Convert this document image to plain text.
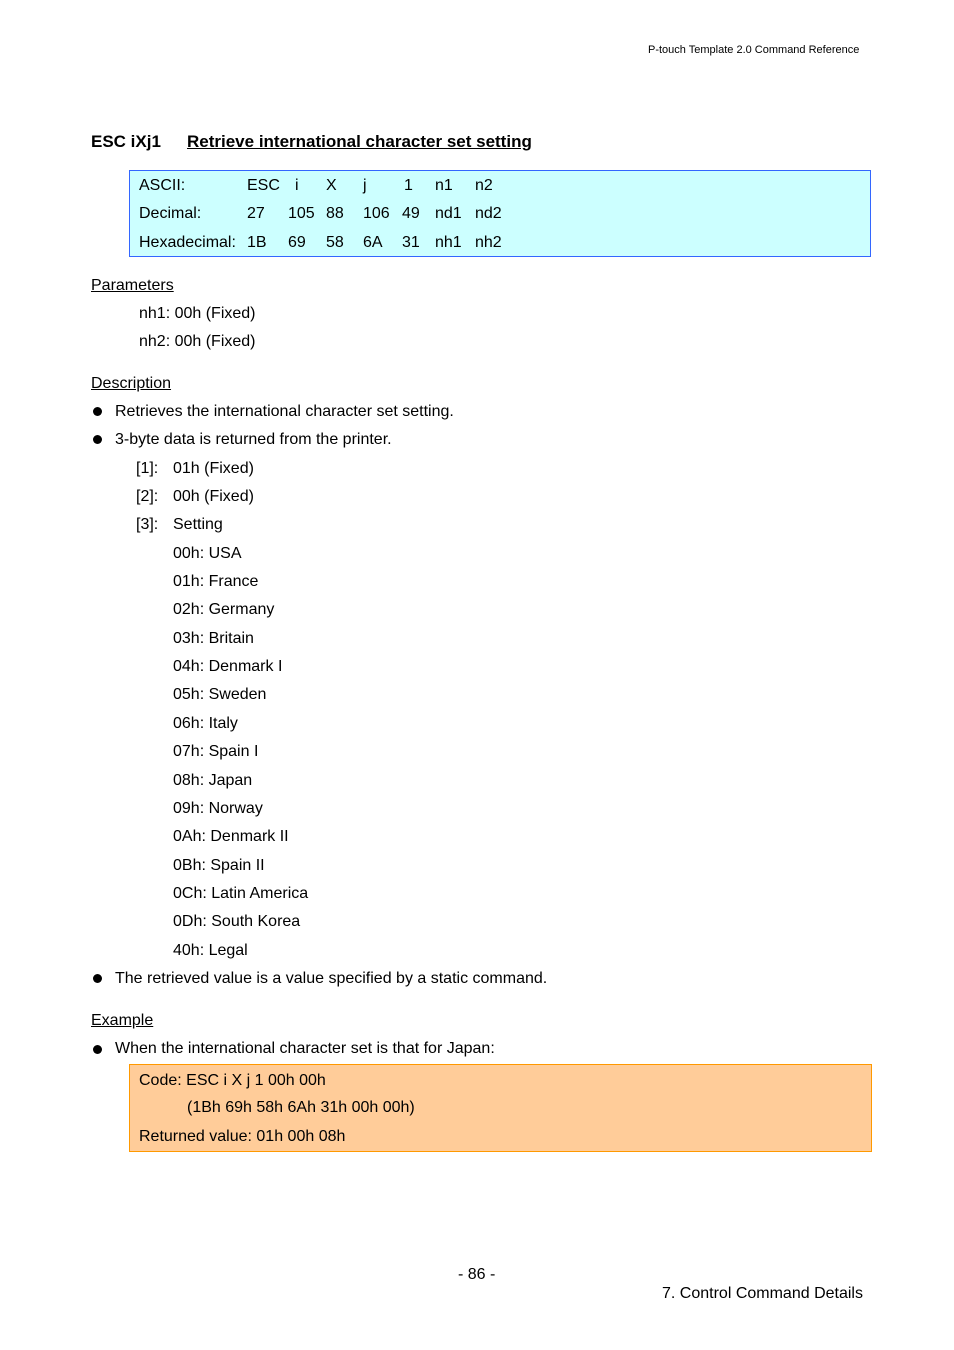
P-touch Template 2.0 Command Reference
ESC iXj1 Retrieve international character set setting
ASCII:	ESC i X j 1 n1 n2
Decimal:	27 105 88 106 49 nd1 nd2
Hexadecimal: 1B 69 58 6A 31 nh1 nh2
Parameters
nh1: 00h (Fixed)
nh2: 00h (Fixed)
Description
Retrieves the international character set setting.
3-byte data is returned from the printer.
[1]: 01h (Fixed)
[2]: 00h (Fixed)
[3]: Setting
00h: USA
01h: France
02h: Germany
03h: Britain
04h: Denmark I
05h: Sweden
06h: Italy
07h: Spain I
08h: Japan
09h: Norway
0Ah: Denmark II
0Bh: Spain II
0Ch: Latin America
0Dh: South Korea
40h: Legal
The retrieved value is a value specified by a static command.
Example
When the international character set is that for Japan:
Code: ESC i X j 1 00h 00h
(1Bh 69h 58h 6Ah 31h 00h 00h)
Returned value: 01h 00h 08h
- 86 -
7. Control Command Details
